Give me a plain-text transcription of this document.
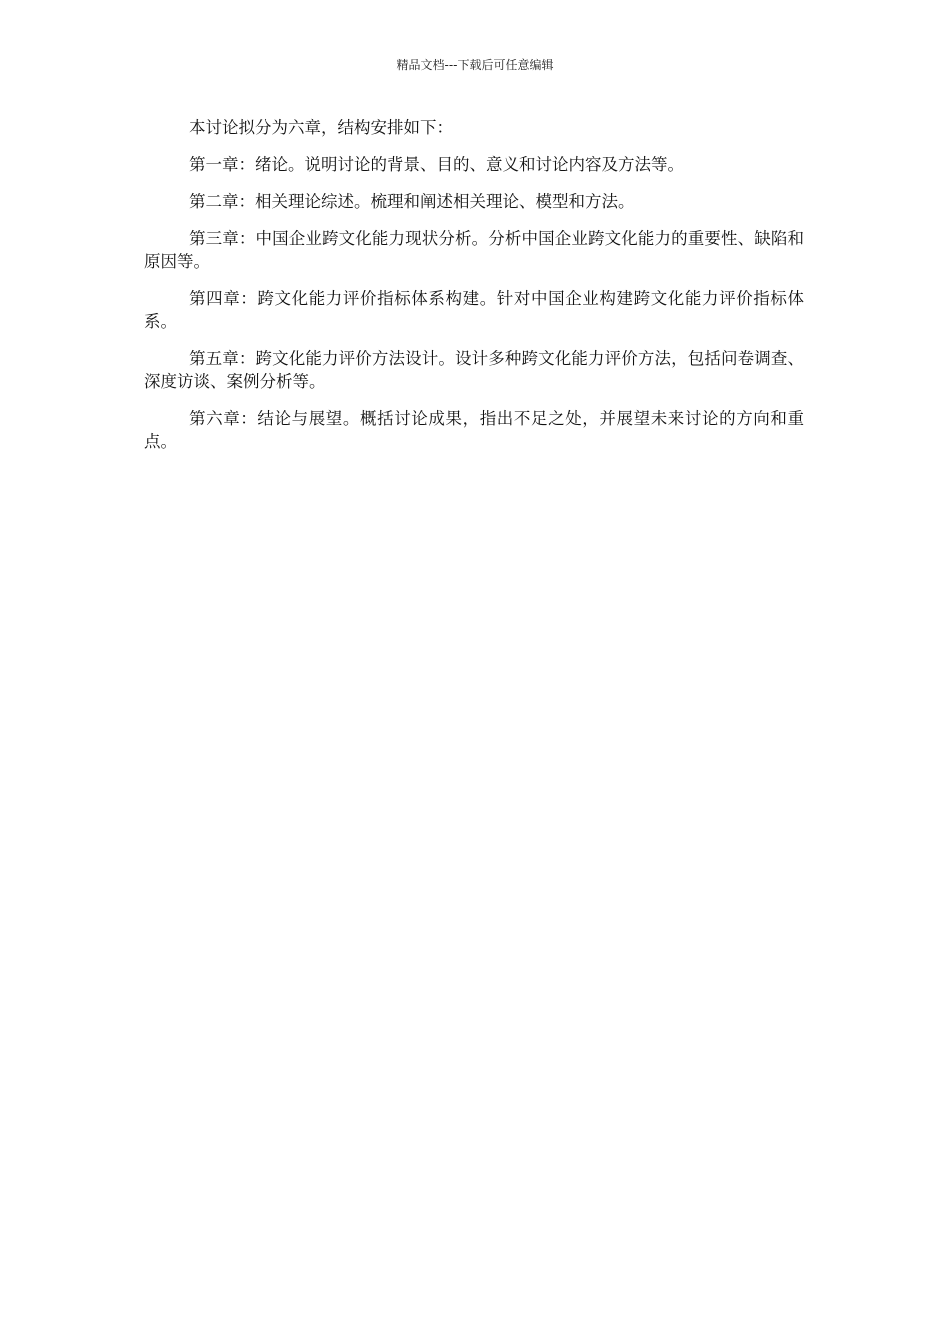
精品文档---下载后可任意编辑

本讨论拟分为六章，结构安排如下：

第一章：绪论。说明讨论的背景、目的、意义和讨论内容及方法等。

第二章：相关理论综述。梳理和阐述相关理论、模型和方法。

第三章：中国企业跨文化能力现状分析。分析中国企业跨文化能力的重要性、缺陷和原因等。

第四章：跨文化能力评价指标体系构建。针对中国企业构建跨文化能力评价指标体系。

第五章：跨文化能力评价方法设计。设计多种跨文化能力评价方法，包括问卷调查、深度访谈、案例分析等。

第六章：结论与展望。概括讨论成果，指出不足之处，并展望未来讨论的方向和重点。
